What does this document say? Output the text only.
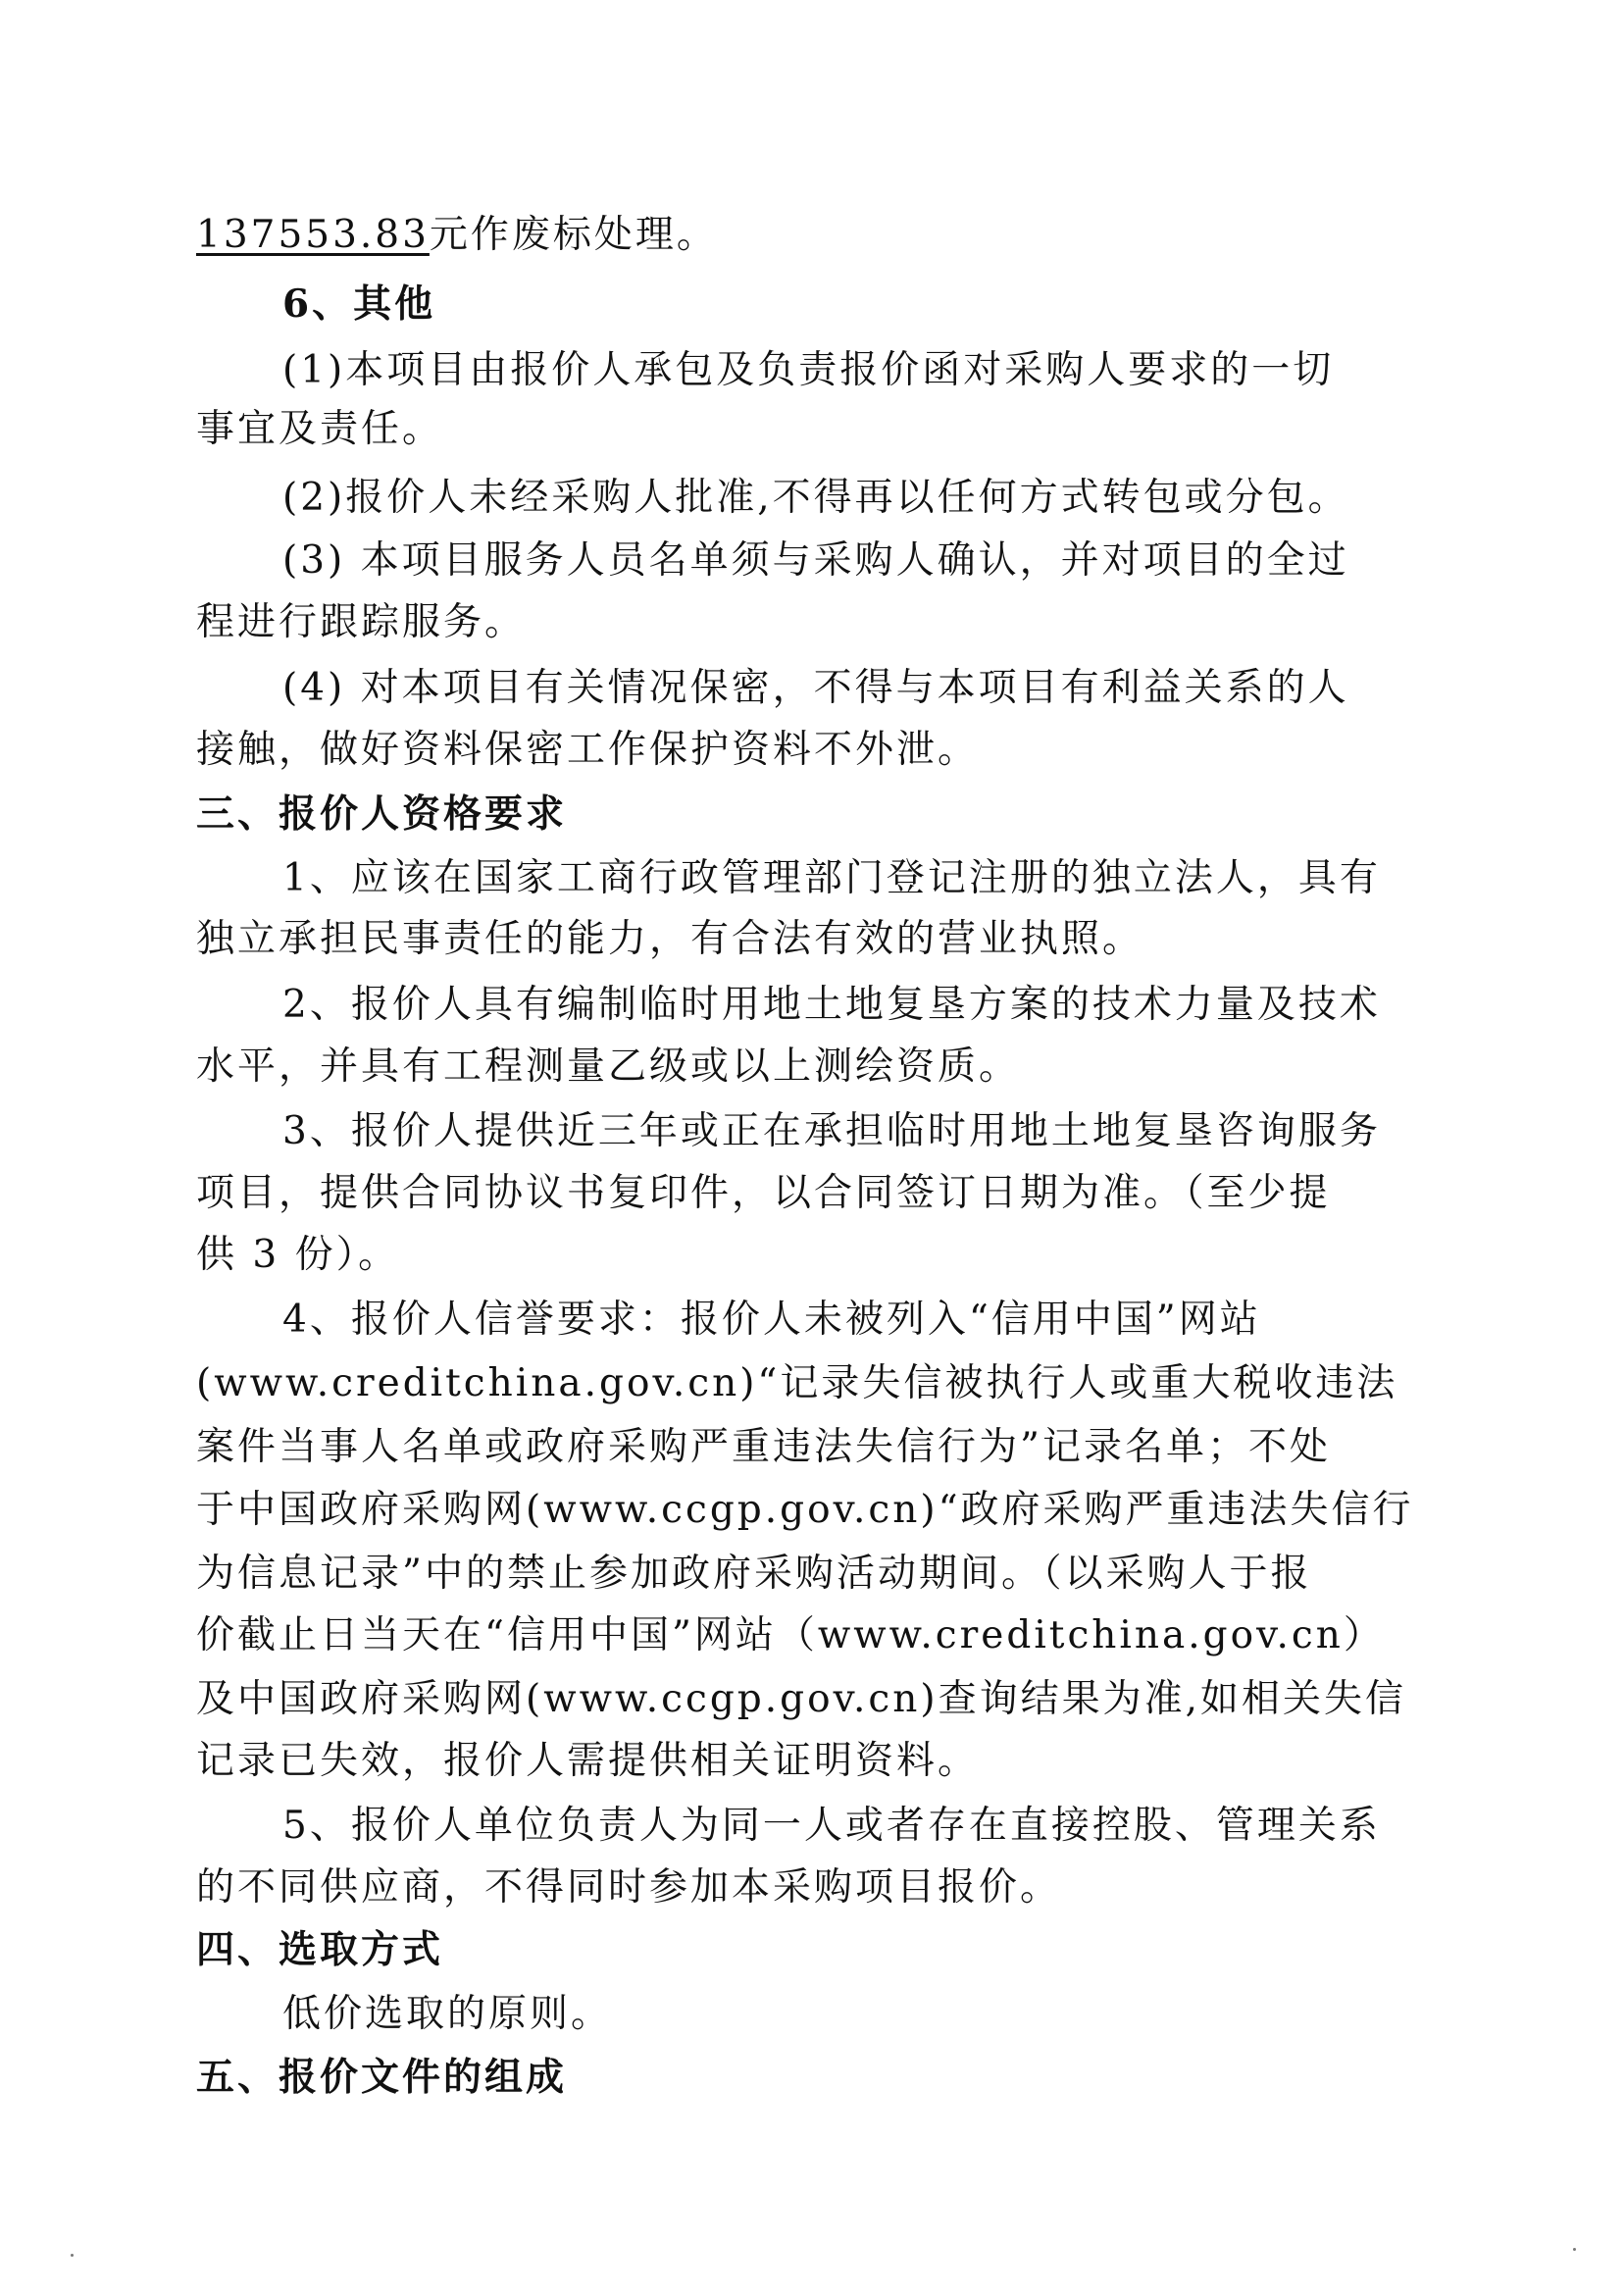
137553.83元作废标处理。
6、其他
(1)本项目由报价人承包及负责报价函对采购人要求的一切
事宜及责任。
(2)报价人未经采购人批准,不得再以任何方式转包或分包。
(3) 本项目服务人员名单须与采购人确认，并对项目的全过
程进行跟踪服务。
(4) 对本项目有关情况保密，不得与本项目有利益关系的人
接触，做好资料保密工作保护资料不外泄。
三、报价人资格要求
1、应该在国家工商行政管理部门登记注册的独立法人，具有
独立承担民事责任的能力，有合法有效的营业执照。
2、报价人具有编制临时用地土地复垦方案的技术力量及技术
水平，并具有工程测量乙级或以上测绘资质。
3、报价人提供近三年或正在承担临时用地土地复垦咨询服务
项目，提供合同协议书复印件，以合同签订日期为准。（至少提
供 3 份）。
4、报价人信誉要求：报价人未被列入“信用中国”网站
(www.creditchina.gov.cn)“记录失信被执行人或重大税收违法
案件当事人名单或政府采购严重违法失信行为”记录名单；不处
于中国政府采购网(www.ccgp.gov.cn)“政府采购严重违法失信行
为信息记录”中的禁止参加政府采购活动期间。（以采购人于报
价截止日当天在“信用中国”网站（www.creditchina.gov.cn）
及中国政府采购网(www.ccgp.gov.cn)查询结果为准,如相关失信
记录已失效，报价人需提供相关证明资料。
5、报价人单位负责人为同一人或者存在直接控股、管理关系
的不同供应商，不得同时参加本采购项目报价。
四、选取方式
低价选取的原则。
五、报价文件的组成
